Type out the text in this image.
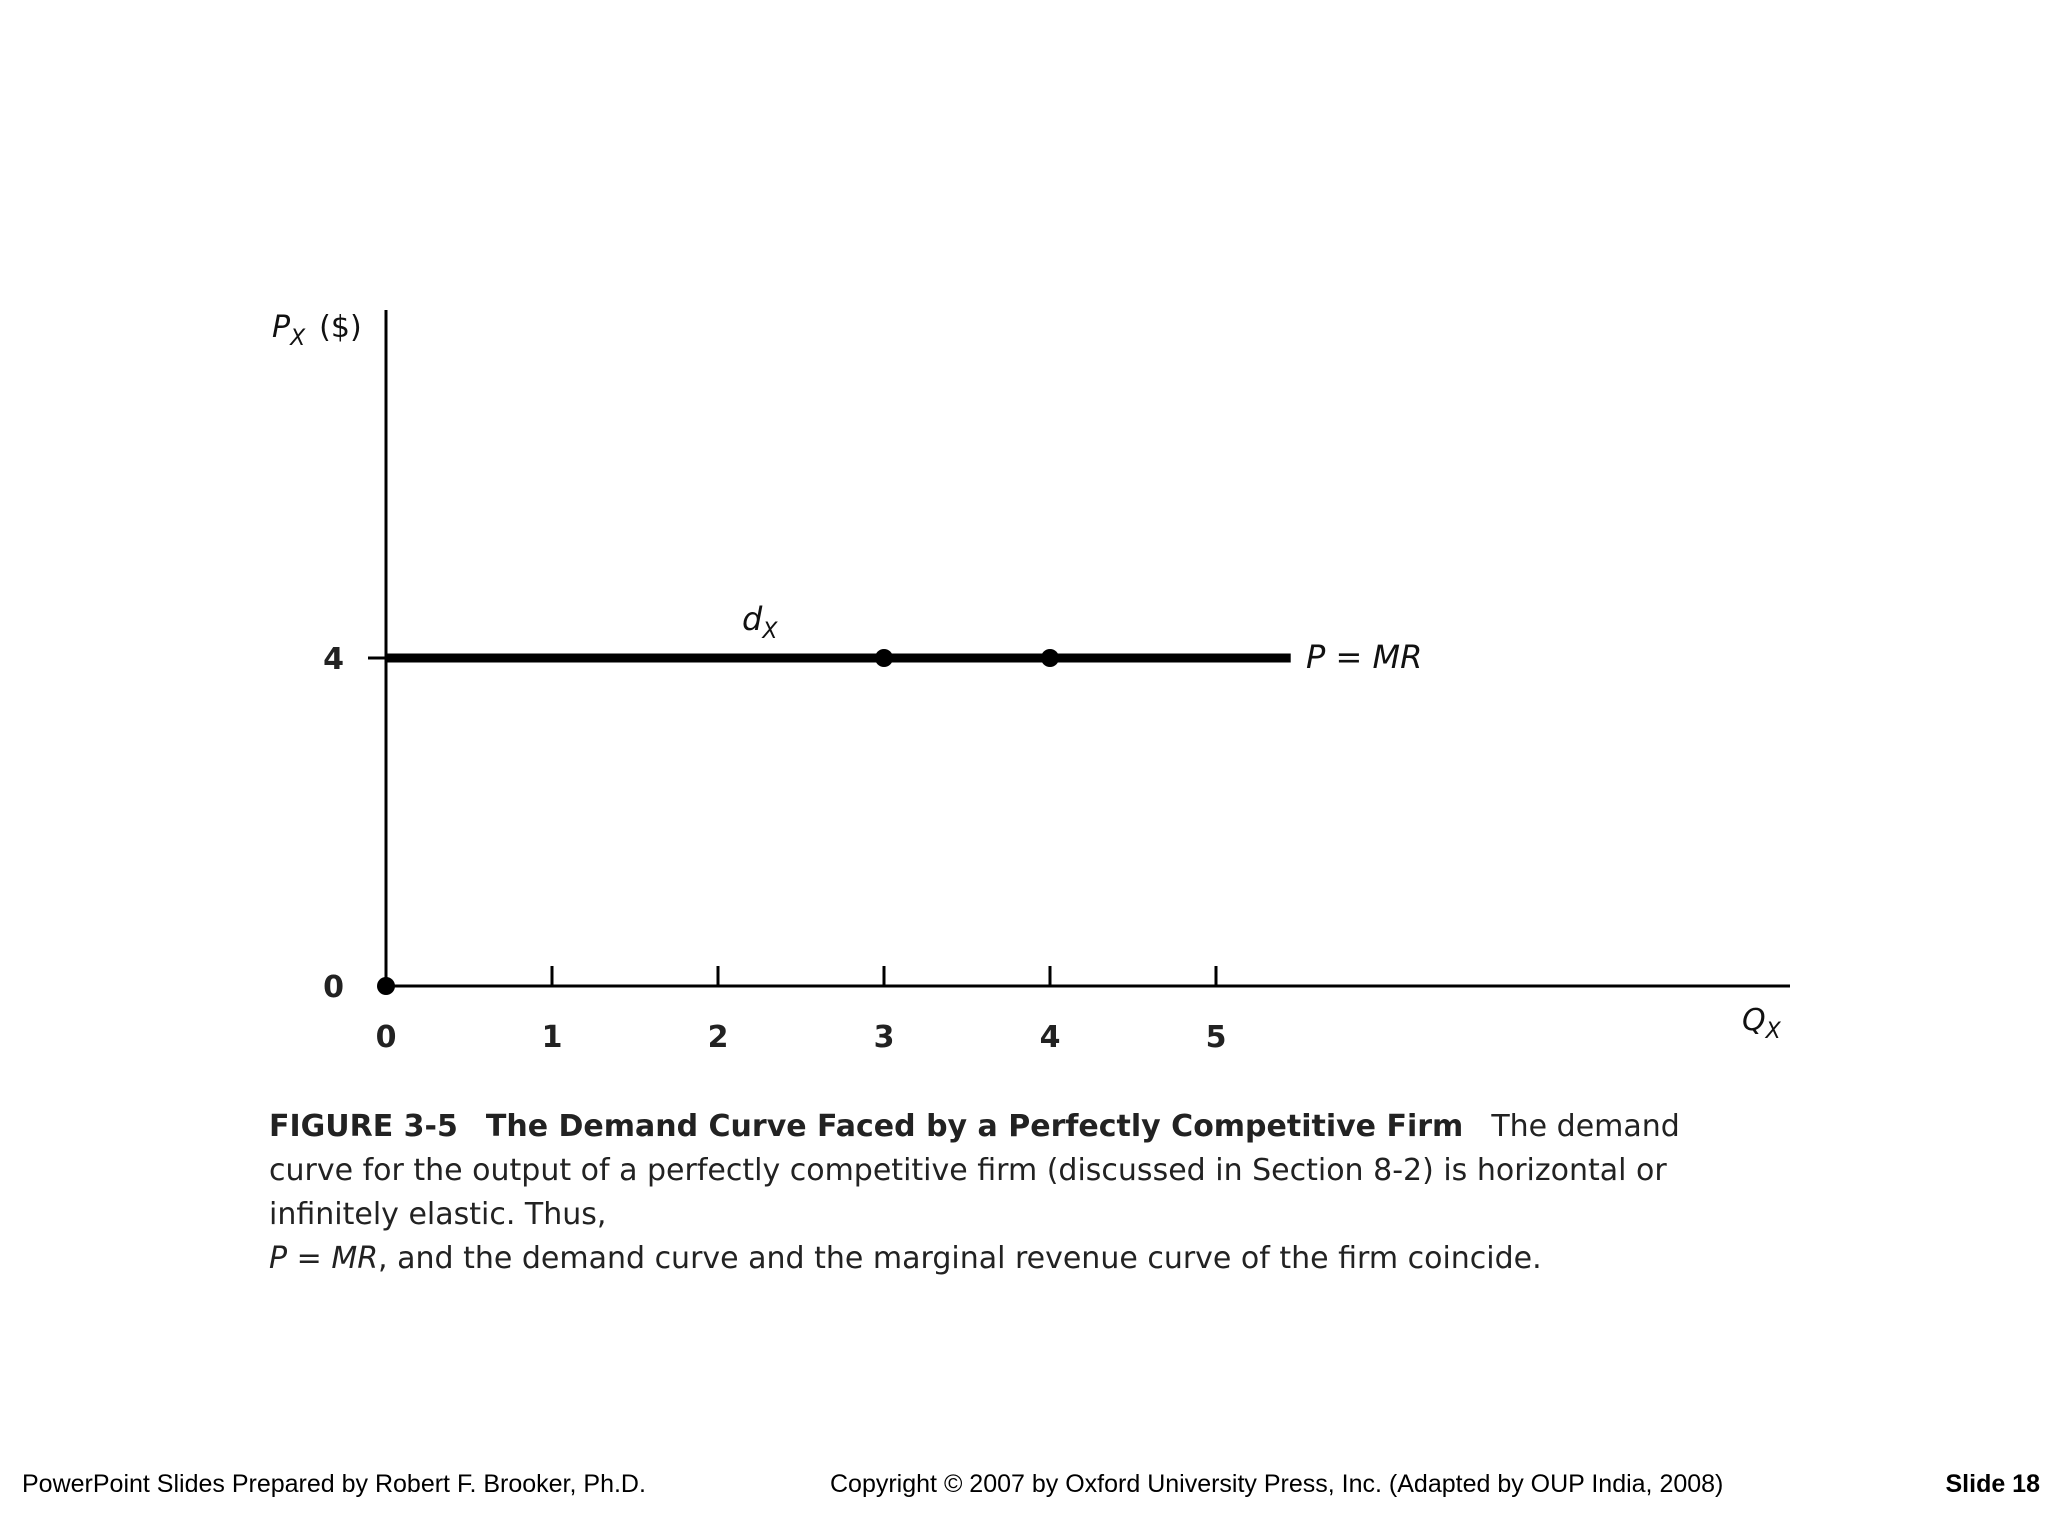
$P_X$ ($)
$Q_X$
0	1	2	3	4	5
0
4
$d_X$
P = MR
FIGURE 3-5 The Demand Curve Faced by a Perfectly Competitive Firm The demand curve for the output of a perfectly competitive firm (discussed in Section 8-2) is horizontal or infinitely elastic. Thus,
P = MR, and the demand curve and the marginal revenue curve of the firm coincide.
PowerPoint Slides Prepared by Robert F. Brooker, Ph.D.	Copyright © 2007 by Oxford University Press, Inc. (Adapted by OUP India, 2008)	Slide 18
